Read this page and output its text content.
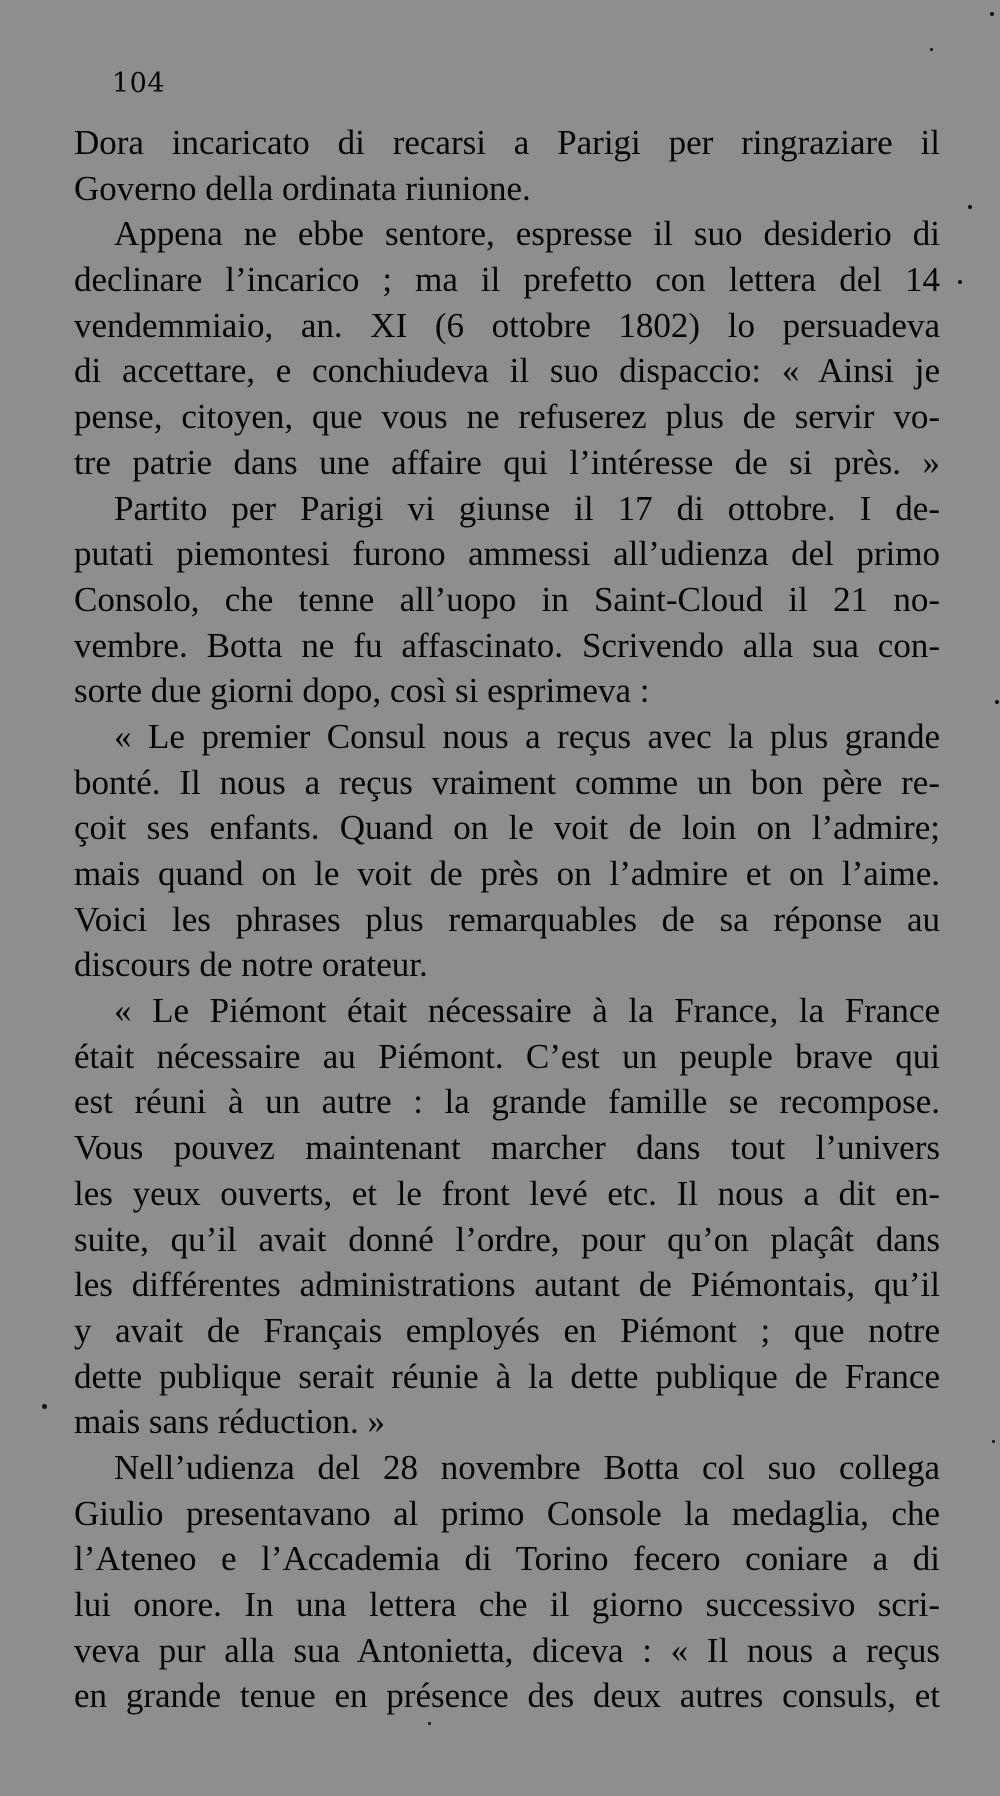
104
Dora incaricato di recarsi a Parigi per ringraziare il
Governo della ordinata riunione.
Appena ne ebbe sentore, espresse il suo desiderio di
declinare l’incarico ; ma il prefetto con lettera del 14
vendemmiaio, an. XI (6 ottobre 1802) lo persuadeva
di accettare, e conchiudeva il suo dispaccio: « Ainsi je
pense, citoyen, que vous ne refuserez plus de servir vo-
tre patrie dans une affaire qui l’intéresse de si près. »
Partito per Parigi vi giunse il 17 di ottobre. I de-
putati piemontesi furono ammessi all’udienza del primo
Consolo, che tenne all’uopo in Saint-Cloud il 21 no-
vembre. Botta ne fu affascinato. Scrivendo alla sua con-
sorte due giorni dopo, così si esprimeva :
« Le premier Consul nous a reçus avec la plus grande
bonté. Il nous a reçus vraiment comme un bon père re-
çoit ses enfants. Quand on le voit de loin on l’admire;
mais quand on le voit de près on l’admire et on l’aime.
Voici les phrases plus remarquables de sa réponse au
discours de notre orateur.
« Le Piémont était nécessaire à la France, la France
était nécessaire au Piémont. C’est un peuple brave qui
est réuni à un autre : la grande famille se recompose.
Vous pouvez maintenant marcher dans tout l’univers
les yeux ouverts, et le front levé etc. Il nous a dit en-
suite, qu’il avait donné l’ordre, pour qu’on plaçât dans
les différentes administrations autant de Piémontais, qu’il
y avait de Français employés en Piémont ; que notre
dette publique serait réunie à la dette publique de France
mais sans réduction. »
Nell’udienza del 28 novembre Botta col suo collega
Giulio presentavano al primo Console la medaglia, che
l’Ateneo e l’Accademia di Torino fecero coniare a di
lui onore. In una lettera che il giorno successivo scri-
veva pur alla sua Antonietta, diceva : « Il nous a reçus
en grande tenue en présence des deux autres consuls, et
